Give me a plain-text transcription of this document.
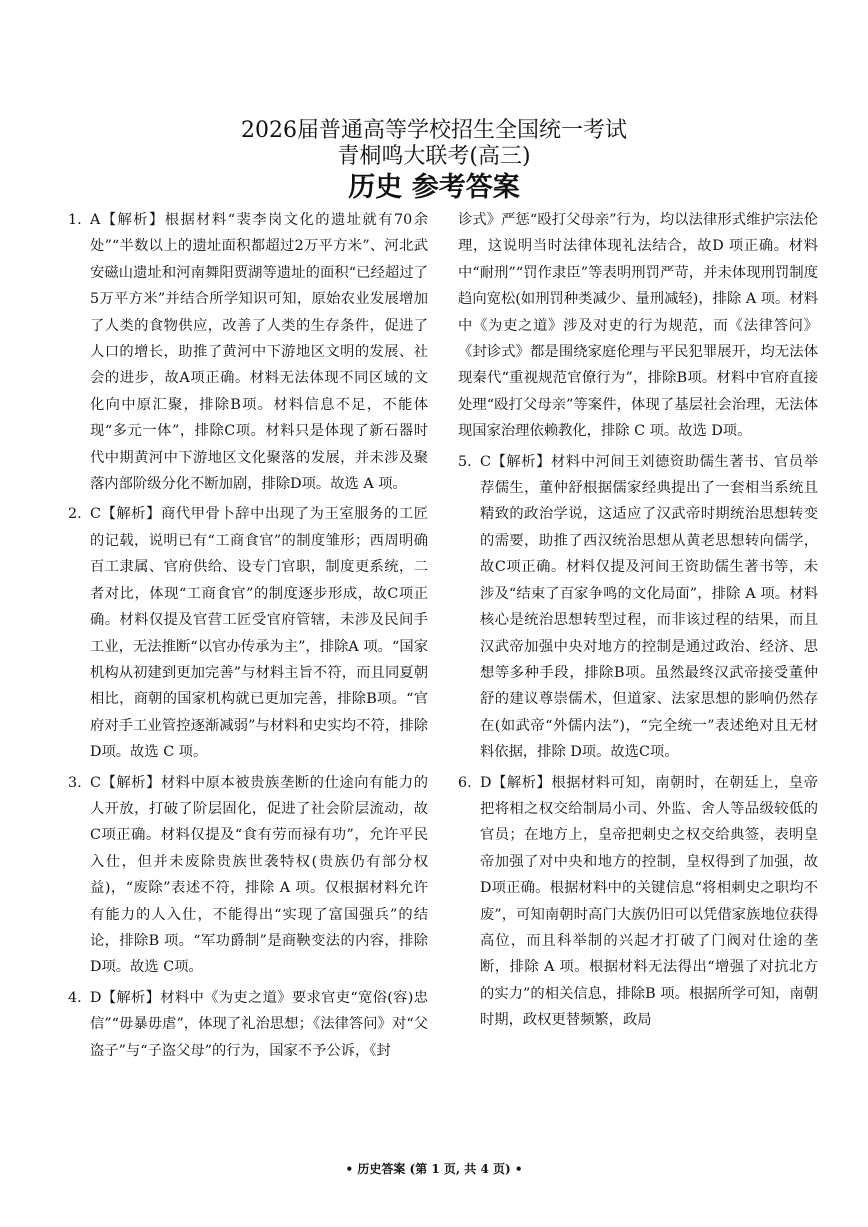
2026届普通高等学校招生全国统一考试
青桐鸣大联考(高三)
历史 参考答案
1. A【解析】根据材料“裴李岗文化的遗址就有70余处”“半数以上的遗址面积都超过2万平方米”、河北武安磁山遗址和河南舞阳贾湖等遗址的面积“已经超过了5万平方米”并结合所学知识可知，原始农业发展增加了人类的食物供应，改善了人类的生存条件，促进了人口的增长，助推了黄河中下游地区文明的发展、社会的进步，故A项正确。材料无法体现不同区域的文化向中原汇聚，排除B项。材料信息不足，不能体现“多元一体”，排除C项。材料只是体现了新石器时代中期黄河中下游地区文化聚落的发展，并未涉及聚落内部阶级分化不断加剧，排除D项。故选 A 项。
2. C【解析】商代甲骨卜辞中出现了为王室服务的工匠的记载，说明已有“工商食官”的制度雏形；西周明确百工隶属、官府供给、设专门官职，制度更系统，二者对比，体现“工商食官”的制度逐步形成，故C项正确。材料仅提及官营工匠受官府管辖，未涉及民间手工业，无法推断“以官办传承为主”，排除A 项。“国家机构从初建到更加完善”与材料主旨不符，而且同夏朝相比，商朝的国家机构就已更加完善，排除B项。“官府对手工业管控逐渐减弱”与材料和史实均不符，排除D项。故选 C 项。
3. C【解析】材料中原本被贵族垄断的仕途向有能力的人开放，打破了阶层固化，促进了社会阶层流动，故C项正确。材料仅提及“食有劳而禄有功”，允许平民入仕，但并未废除贵族世袭特权(贵族仍有部分权益)，“废除”表述不符，排除 A 项。仅根据材料允许有能力的人入仕，不能得出“实现了富国强兵”的结论，排除B 项。“军功爵制”是商鞅变法的内容，排除D项。故选 C项。
4. D【解析】材料中《为吏之道》要求官吏“宽俗(容)忠信”“毋暴毋虐”，体现了礼治思想；《法律答问》对“父盗子”与“子盗父母”的行为，国家不予公诉，《封
诊式》严惩“殴打父母亲”行为，均以法律形式维护宗法伦理，这说明当时法律体现礼法结合，故D 项正确。材料中“耐刑”“罚作隶臣”等表明刑罚严苛，并未体现刑罚制度趋向宽松(如刑罚种类减少、量刑减轻)，排除 A 项。材料中《为吏之道》涉及对吏的行为规范，而《法律答问》《封诊式》都是围绕家庭伦理与平民犯罪展开，均无法体现秦代“重视规范官僚行为”，排除B项。材料中官府直接处理“殴打父母亲”等案件，体现了基层社会治理，无法体现国家治理依赖教化，排除 C 项。故选 D项。
5. C【解析】材料中河间王刘德资助儒生著书、官员举荐儒生，董仲舒根据儒家经典提出了一套相当系统且精致的政治学说，这适应了汉武帝时期统治思想转变的需要，助推了西汉统治思想从黄老思想转向儒学，故C项正确。材料仅提及河间王资助儒生著书等，未涉及“结束了百家争鸣的文化局面”，排除 A 项。材料核心是统治思想转型过程，而非该过程的结果，而且汉武帝加强中央对地方的控制是通过政治、经济、思想等多种手段，排除B项。虽然最终汉武帝接受董仲舒的建议尊崇儒术，但道家、法家思想的影响仍然存在(如武帝“外儒内法”)，“完全统一”表述绝对且无材料依据，排除 D项。故选C项。
6. D【解析】根据材料可知，南朝时，在朝廷上，皇帝把将相之权交给制局小司、外监、舍人等品级较低的官员；在地方上，皇帝把刺史之权交给典签，表明皇帝加强了对中央和地方的控制，皇权得到了加强，故D项正确。根据材料中的关键信息“将相刺史之职均不废”，可知南朝时高门大族仍旧可以凭借家族地位获得高位，而且科举制的兴起才打破了门阀对仕途的垄断，排除 A 项。根据材料无法得出“增强了对抗北方的实力”的相关信息，排除B 项。根据所学可知，南朝时期，政权更替频繁，政局
• 历史答案 (第 1 页, 共 4 页) •
